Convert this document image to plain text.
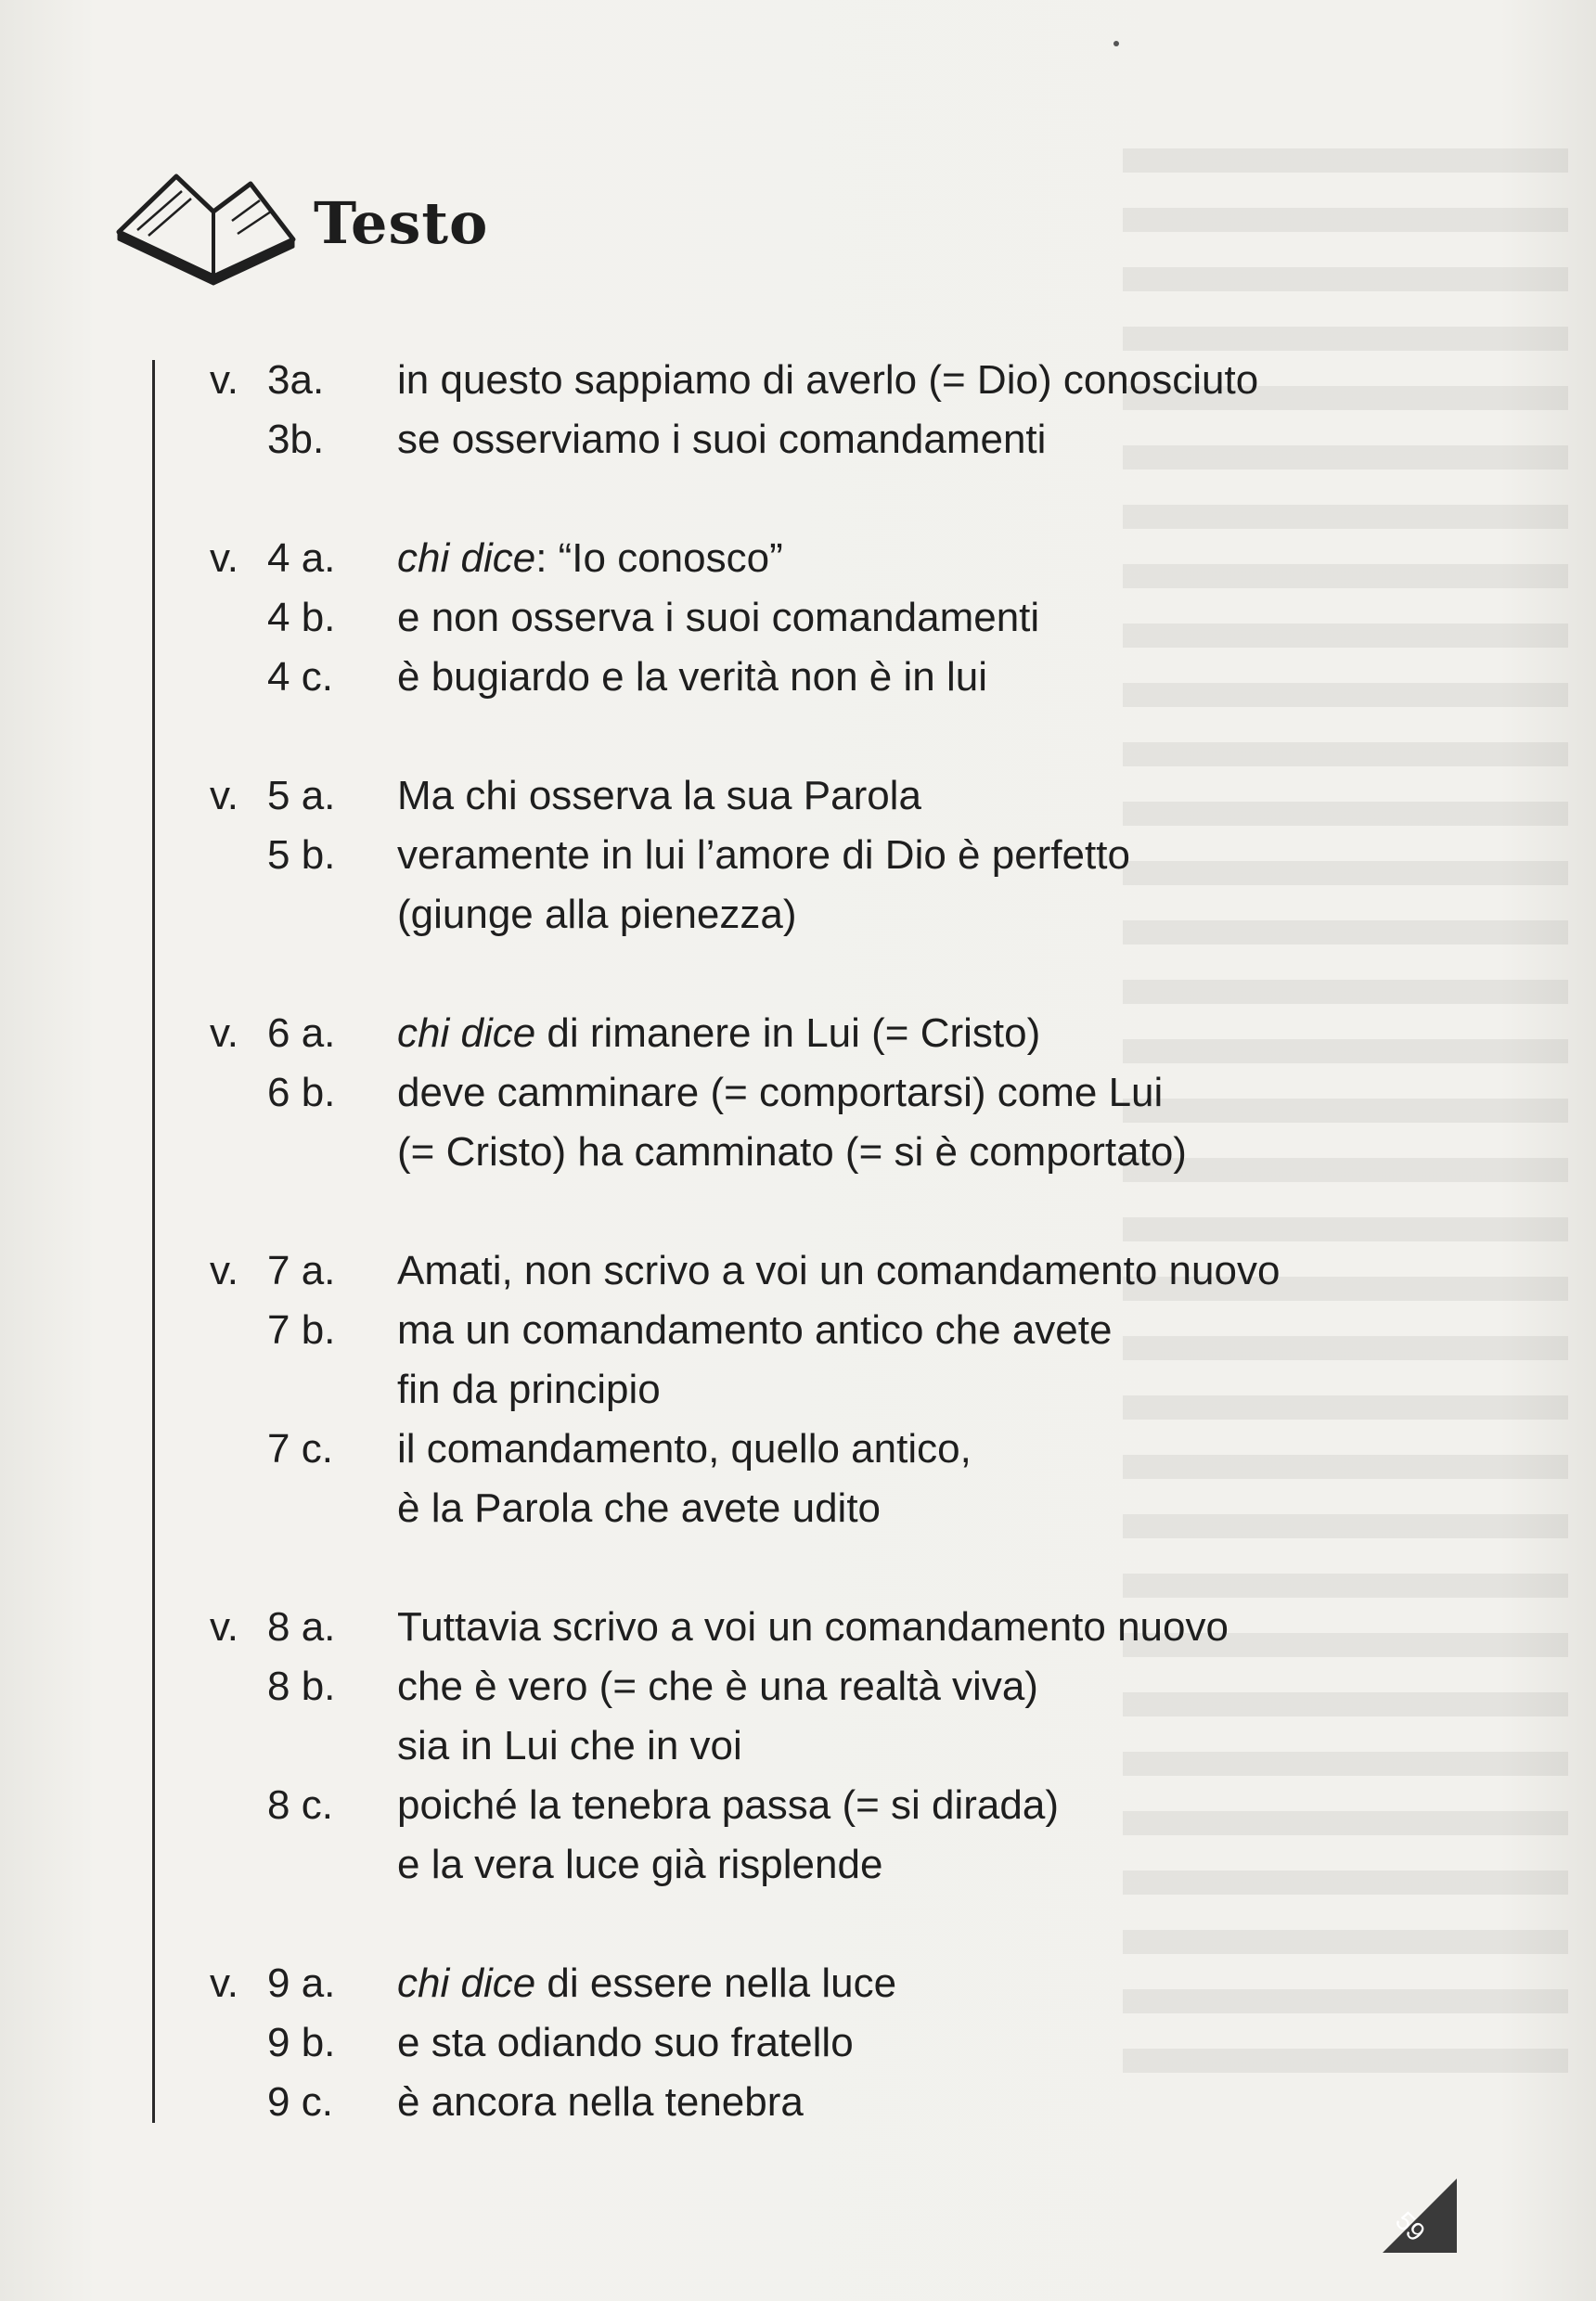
Testo
v. 3a.	in questo sappiamo di averlo (= Dio) conosciuto
3b.	se osserviamo i suoi comandamenti
v. 4 a.	chi dice: “Io conosco”
4 b.	e non osserva i suoi comandamenti
4 c.	è bugiardo e la verità non è in lui
v. 5 a.	Ma chi osserva la sua Parola
5 b.	veramente in lui l’amore di Dio è perfetto
(giunge alla pienezza)
v. 6 a.	chi dice di rimanere in Lui (= Cristo)
6 b.	deve camminare (= comportarsi) come Lui
(= Cristo) ha camminato (= si è comportato)
v. 7 a.	Amati, non scrivo a voi un comandamento nuovo
7 b.	ma un comandamento antico che avete
fin da principio
7 c.	il comandamento, quello antico,
è la Parola che avete udito
v. 8 a.	Tuttavia scrivo a voi un comandamento nuovo
8 b.	che è vero (= che è una realtà viva)
sia in Lui che in voi
8 c.	poiché la tenebra passa (= si dirada)
e la vera luce già risplende
v. 9 a.	chi dice di essere nella luce
9 b.	e sta odiando suo fratello
9 c.	è ancora nella tenebra
59
